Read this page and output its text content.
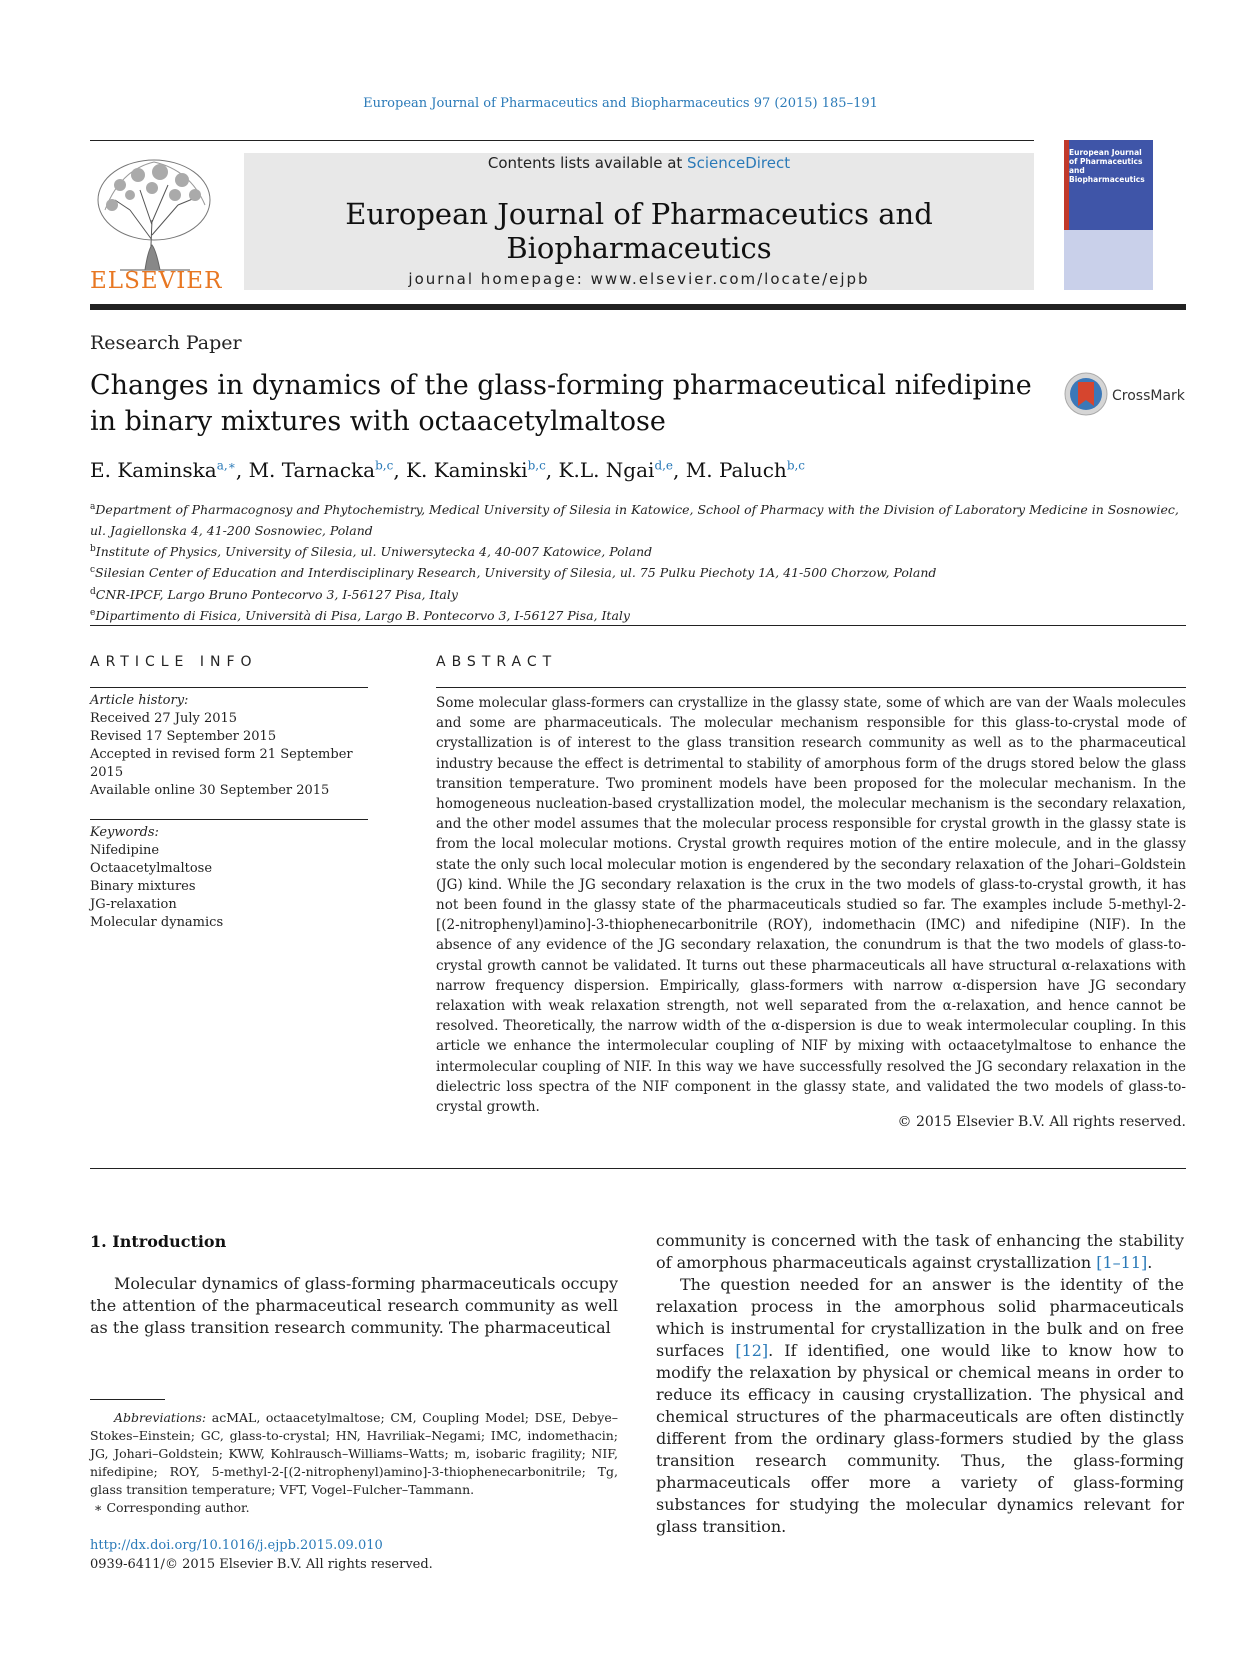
European Journal of Pharmaceutics and Biopharmaceutics 97 (2015) 185–191
ELSEVIER
Contents lists available at ScienceDirect
European Journal of Pharmaceutics and Biopharmaceutics
journal homepage: www.elsevier.com/locate/ejpb
European Journal of Pharmaceutics and Biopharmaceutics
Research Paper
Changes in dynamics of the glass-forming pharmaceutical nifedipine in binary mixtures with octaacetylmaltose
CrossMark
E. Kaminska$^{a,∗}$, M. Tarnacka$^{b,c}$, K. Kaminski$^{b,c}$, K.L. Ngai$^{d,e}$, M. Paluch$^{b,c}$
$^a$Department of Pharmacognosy and Phytochemistry, Medical University of Silesia in Katowice, School of Pharmacy with the Division of Laboratory Medicine in Sosnowiec,
ul. Jagiellonska 4, 41-200 Sosnowiec, Poland
$^b$Institute of Physics, University of Silesia, ul. Uniwersytecka 4, 40-007 Katowice, Poland
$^c$Silesian Center of Education and Interdisciplinary Research, University of Silesia, ul. 75 Pulku Piechoty 1A, 41-500 Chorzow, Poland
$^d$CNR-IPCF, Largo Bruno Pontecorvo 3, I-56127 Pisa, Italy
$^e$Dipartimento di Fisica, Università di Pisa, Largo B. Pontecorvo 3, I-56127 Pisa, Italy
ARTICLE INFO
Article history:
Received 27 July 2015
Revised 17 September 2015
Accepted in revised form 21 September
2015
Available online 30 September 2015
Keywords:
Nifedipine
Octaacetylmaltose
Binary mixtures
JG-relaxation
Molecular dynamics
ABSTRACT
Some molecular glass-formers can crystallize in the glassy state, some of which are van der Waals molecules and some are pharmaceuticals. The molecular mechanism responsible for this glass-to-crystal mode of crystallization is of interest to the glass transition research community as well as to the pharmaceutical industry because the effect is detrimental to stability of amorphous form of the drugs stored below the glass transition temperature. Two prominent models have been proposed for the molecular mechanism. In the homogeneous nucleation-based crystallization model, the molecular mechanism is the secondary relaxation, and the other model assumes that the molecular process responsible for crystal growth in the glassy state is from the local molecular motions. Crystal growth requires motion of the entire molecule, and in the glassy state the only such local molecular motion is engendered by the secondary relaxation of the Johari–Goldstein (JG) kind. While the JG secondary relaxation is the crux in the two models of glass-to-crystal growth, it has not been found in the glassy state of the pharmaceuticals studied so far. The examples include 5-methyl-2-[(2-nitrophenyl)amino]-3-thiophenecarbonitrile (ROY), indomethacin (IMC) and nifedipine (NIF). In the absence of any evidence of the JG secondary relaxation, the conundrum is that the two models of glass-to-crystal growth cannot be validated. It turns out these pharmaceuticals all have structural α-relaxations with narrow frequency dispersion. Empirically, glass-formers with narrow α-dispersion have JG secondary relaxation with weak relaxation strength, not well separated from the α-relaxation, and hence cannot be resolved. Theoretically, the narrow width of the α-dispersion is due to weak intermolecular coupling. In this article we enhance the intermolecular coupling of NIF by mixing with octaacetylmaltose to enhance the intermolecular coupling of NIF. In this way we have successfully resolved the JG secondary relaxation in the dielectric loss spectra of the NIF component in the glassy state, and validated the two models of glass-to-crystal growth.
© 2015 Elsevier B.V. All rights reserved.
1. Introduction
Molecular dynamics of glass-forming pharmaceuticals occupy the attention of the pharmaceutical research community as well as the glass transition research community. The pharmaceutical

community is concerned with the task of enhancing the stability of amorphous pharmaceuticals against crystallization [1–11].

The question needed for an answer is the identity of the relaxation process in the amorphous solid pharmaceuticals which is instrumental for crystallization in the bulk and on free surfaces [12]. If identified, one would like to know how to modify the relaxation by physical or chemical means in order to reduce its efficacy in causing crystallization. The physical and chemical structures of the pharmaceuticals are often distinctly different from the ordinary glass-formers studied by the glass transition research community. Thus, the glass-forming pharmaceuticals offer more a variety of glass-forming substances for studying the molecular dynamics relevant for glass transition.

Abbreviations: acMAL, octaacetylmaltose; CM, Coupling Model; DSE, Debye–Stokes–Einstein; GC, glass-to-crystal; HN, Havriliak–Negami; IMC, indomethacin; JG, Johari–Goldstein; KWW, Kohlrausch–Williams–Watts; m, isobaric fragility; NIF, nifedipine; ROY, 5-methyl-2-[(2-nitrophenyl)amino]-3-thiophenecarbonitrile; Tg, glass transition temperature; VFT, Vogel–Fulcher–Tammann.
∗ Corresponding author.
http://dx.doi.org/10.1016/j.ejpb.2015.09.010
0939-6411/© 2015 Elsevier B.V. All rights reserved.
